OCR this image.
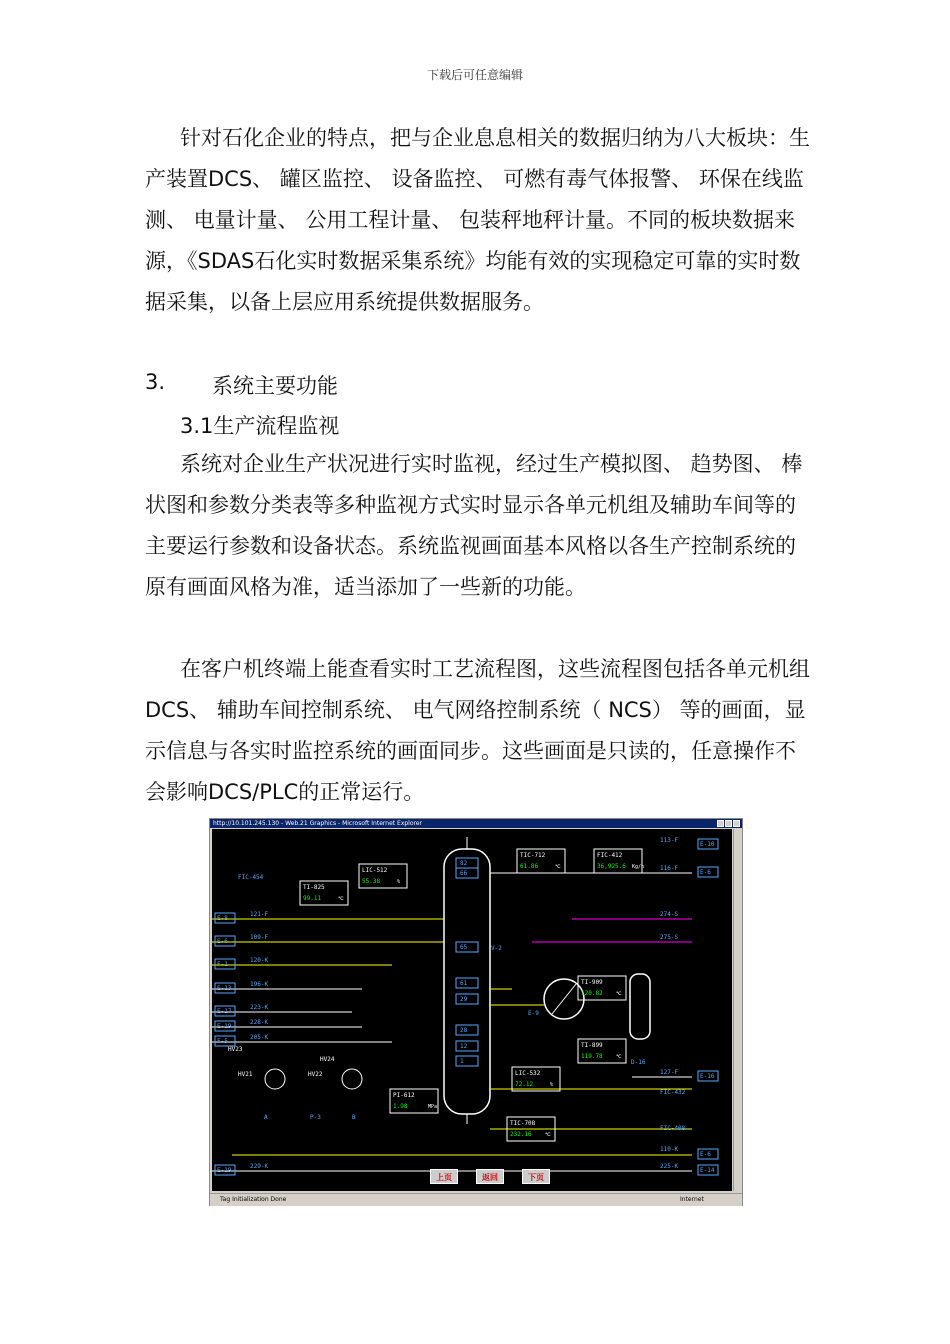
下载后可任意编辑

针对石化企业的特点，把与企业息息相关的数据归纳为八大板块：生产装置DCS、 罐区监控、 设备监控、 可燃有毒气体报警、 环保在线监测、 电量计量、 公用工程计量、 包装秤地秤计量。不同的板块数据来源，《SDAS石化实时数据采集系统》均能有效的实现稳定可靠的实时数据采集，以备上层应用系统提供数据服务。

3. 系统主要功能
3.1生产流程监视

系统对企业生产状况进行实时监视，经过生产模拟图、 趋势图、 棒状图和参数分类表等多种监视方式实时显示各单元机组及辅助车间等的主要运行参数和设备状态。系统监视画面基本风格以各生产控制系统的原有画面风格为准，适当添加了一些新的功能。

在客户机终端上能查看实时工艺流程图，这些流程图包括各单元机组DCS、 辅助车间控制系统、 电气网络控制系统（ NCS） 等的画面，显示信息与各实时监控系统的画面同步。这些画面是只读的，任意操作不会影响DCS/PLC的正常运行。

http://10.101.245.130 - Web.21 Graphics - Microsoft Internet Explorer
LIC-512
55.38	%
TI-825
99.11	℃
TIC-712
61.86	℃
FIC-412
36,925.6 Kg/h
TI-909
120.82	℃
TI-899
119.78	℃
LIC-532
72.12	%
PI-612
1.98	MPa
TIC-708
232.16	℃
E-8
E-6
F-1
E-13
E-17
E-19
F-5
E-19
121-F
109-F
120-K
196-K
223-K
228-K
205-K
229-K
E-10
E-6
E-16
E-6
E-14
113-F
116-F
274-S
275-S
127-F
FIC-432
FIC-408
110-K
225-K
82
66
65
61
29
28
12
1
FIC-454
V-2
E-9
D-16
HV23
HV24
HV21	HV22
A	P-3	B
上页	返回	下页
Tag Initialization Done	Internet
